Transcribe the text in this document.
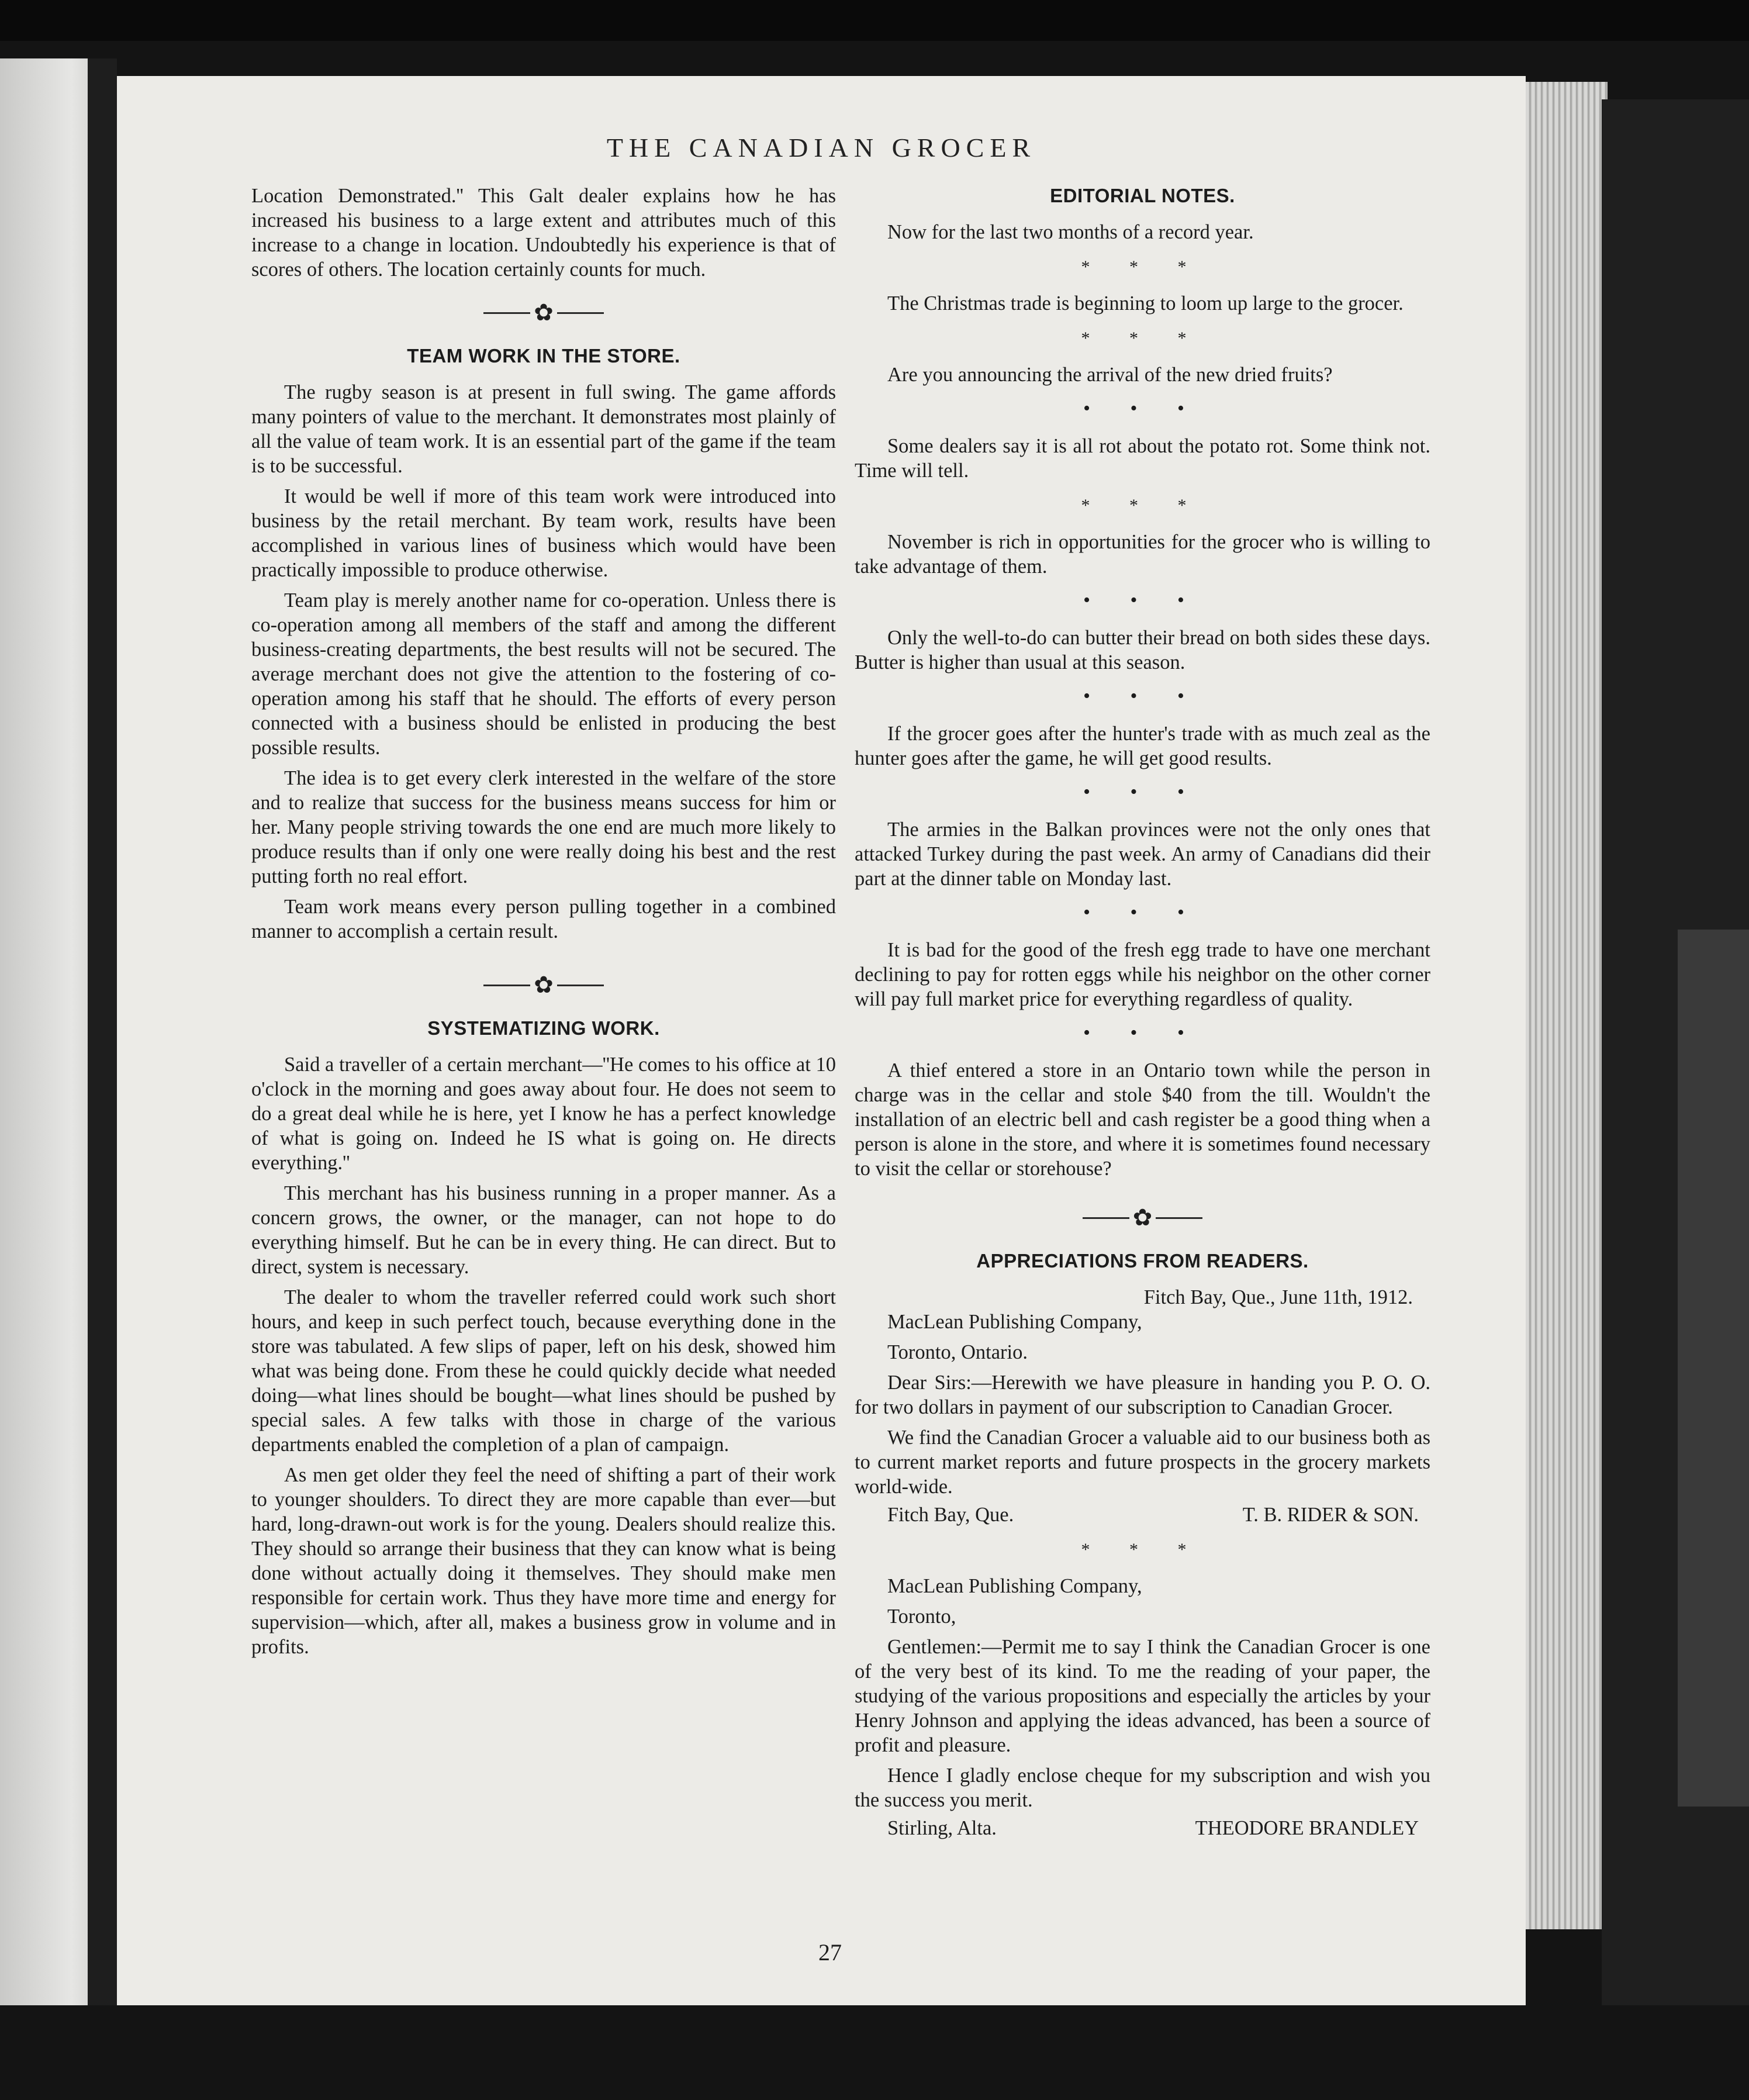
THE CANADIAN GROCER

Location Demonstrated.'' This Galt dealer explains how he has increased his business to a large extent and attributes much of this increase to a change in location. Undoubtedly his experience is that of scores of others. The location certainly counts for much.

✿
TEAM WORK IN THE STORE.

The rugby season is at present in full swing. The game affords many pointers of value to the merchant. It demonstrates most plainly of all the value of team work. It is an essential part of the game if the team is to be successful.

It would be well if more of this team work were introduced into business by the retail merchant. By team work, results have been accomplished in various lines of business which would have been practically impossible to produce otherwise.

Team play is merely another name for co-operation. Unless there is co-operation among all members of the staff and among the different business-creating departments, the best results will not be secured. The average merchant does not give the attention to the fostering of co-operation among his staff that he should. The efforts of every person connected with a business should be enlisted in producing the best possible results.

The idea is to get every clerk interested in the welfare of the store and to realize that success for the business means success for him or her. Many people striving towards the one end are much more likely to produce results than if only one were really doing his best and the rest putting forth no real effort.

Team work means every person pulling together in a combined manner to accomplish a certain result.

✿
SYSTEMATIZING WORK.

Said a traveller of a certain merchant—''He comes to his office at 10 o'clock in the morning and goes away about four. He does not seem to do a great deal while he is here, yet I know he has a perfect knowledge of what is going on. Indeed he IS what is going on. He directs everything.''

This merchant has his business running in a proper manner. As a concern grows, the owner, or the manager, can not hope to do everything himself. But he can be in every thing. He can direct. But to direct, system is necessary.

The dealer to whom the traveller referred could work such short hours, and keep in such perfect touch, because everything done in the store was tabulated. A few slips of paper, left on his desk, showed him what was being done. From these he could quickly decide what needed doing—what lines should be bought—what lines should be pushed by special sales. A few talks with those in charge of the various departments enabled the completion of a plan of campaign.

As men get older they feel the need of shifting a part of their work to younger shoulders. To direct they are more capable than ever—but hard, long-drawn-out work is for the young. Dealers should realize this. They should so arrange their business that they can know what is being done without actually doing it themselves. They should make men responsible for certain work. Thus they have more time and energy for supervision—which, after all, makes a business grow in volume and in profits.

EDITORIAL NOTES.

Now for the last two months of a record year.

* * *

The Christmas trade is beginning to loom up large to the grocer.

* * *

Are you announcing the arrival of the new dried fruits?

• • •

Some dealers say it is all rot about the potato rot. Some think not. Time will tell.

* * *

November is rich in opportunities for the grocer who is willing to take advantage of them.

• • •

Only the well-to-do can butter their bread on both sides these days. Butter is higher than usual at this season.

• • •

If the grocer goes after the hunter's trade with as much zeal as the hunter goes after the game, he will get good results.

• • •

The armies in the Balkan provinces were not the only ones that attacked Turkey during the past week. An army of Canadians did their part at the dinner table on Monday last.

• • •

It is bad for the good of the fresh egg trade to have one merchant declining to pay for rotten eggs while his neighbor on the other corner will pay full market price for everything regardless of quality.

• • •

A thief entered a store in an Ontario town while the person in charge was in the cellar and stole $40 from the till. Wouldn't the installation of an electric bell and cash register be a good thing when a person is alone in the store, and where it is sometimes found necessary to visit the cellar or storehouse?

✿
APPRECIATIONS FROM READERS.
Fitch Bay, Que., June 11th, 1912.

MacLean Publishing Company,

Toronto, Ontario.

Dear Sirs:—Herewith we have pleasure in handing you P. O. O. for two dollars in payment of our subscription to Canadian Grocer.

We find the Canadian Grocer a valuable aid to our business both as to current market reports and future prospects in the grocery markets world-wide.

Fitch Bay, Que.	T. B. RIDER & SON.
* * *

MacLean Publishing Company,

Toronto,

Gentlemen:—Permit me to say I think the Canadian Grocer is one of the very best of its kind. To me the reading of your paper, the studying of the various propositions and especially the articles by your Henry Johnson and applying the ideas advanced, has been a source of profit and pleasure.

Hence I gladly enclose cheque for my subscription and wish you the success you merit.

Stirling, Alta.	THEODORE BRANDLEY
27
